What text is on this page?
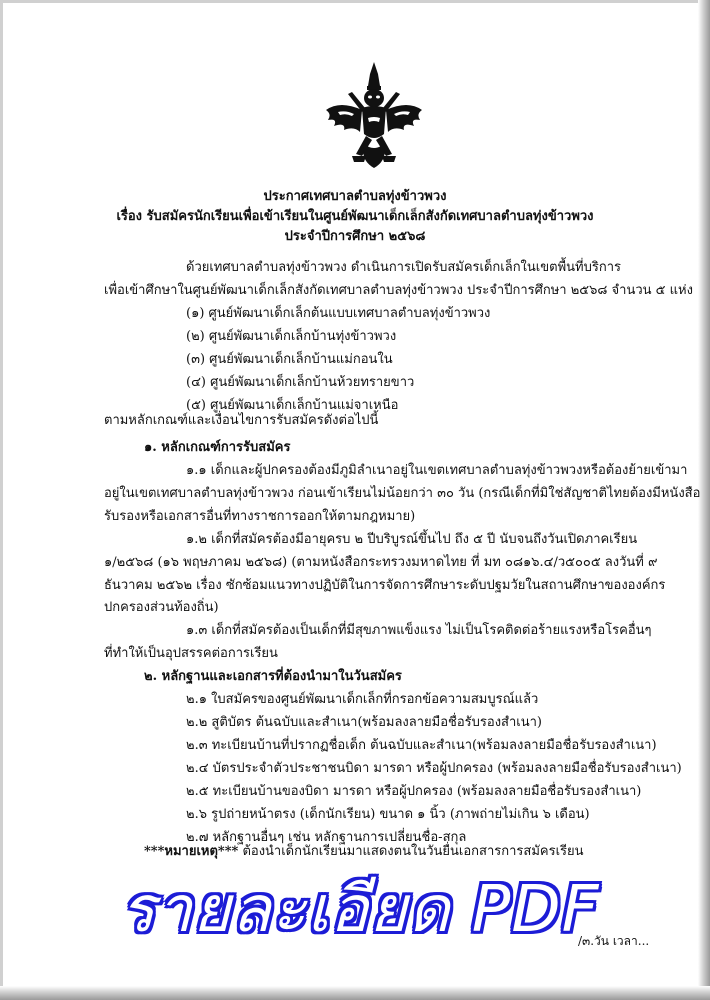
ประกาศเทศบาลตำบลทุ่งข้าวพวง
เรื่อง รับสมัครนักเรียนเพื่อเข้าเรียนในศูนย์พัฒนาเด็กเล็กสังกัดเทศบาลตำบลทุ่งข้าวพวง
ประจำปีการศึกษา ๒๕๖๘
ด้วยเทศบาลตำบลทุ่งข้าวพวง ดำเนินการเปิดรับสมัครเด็กเล็กในเขตพื้นที่บริการ
เพื่อเข้าศึกษาในศูนย์พัฒนาเด็กเล็กสังกัดเทศบาลตำบลทุ่งข้าวพวง ประจำปีการศึกษา ๒๕๖๘ จำนวน ๕ แห่ง
(๑) ศูนย์พัฒนาเด็กเล็กต้นแบบเทศบาลตำบลทุ่งข้าวพวง
(๒) ศูนย์พัฒนาเด็กเล็กบ้านทุ่งข้าวพวง
(๓) ศูนย์พัฒนาเด็กเล็กบ้านแม่กอนใน
(๔) ศูนย์พัฒนาเด็กเล็กบ้านห้วยทรายขาว
(๕) ศูนย์พัฒนาเด็กเล็กบ้านแม่จาเหนือ
ตามหลักเกณฑ์และเงื่อนไขการรับสมัครดังต่อไปนี้
๑. หลักเกณฑ์การรับสมัคร
๑.๑ เด็กและผู้ปกครองต้องมีภูมิลำเนาอยู่ในเขตเทศบาลตำบลทุ่งข้าวพวงหรือต้องย้ายเข้ามา
อยู่ในเขตเทศบาลตำบลทุ่งข้าวพวง ก่อนเข้าเรียนไม่น้อยกว่า ๓๐ วัน (กรณีเด็กที่มิใช่สัญชาติไทยต้องมีหนังสือ
รับรองหรือเอกสารอื่นที่ทางราชการออกให้ตามกฎหมาย)
๑.๒ เด็กที่สมัครต้องมีอายุครบ ๒ ปีบริบูรณ์ขึ้นไป ถึง ๕ ปี นับจนถึงวันเปิดภาคเรียน
๑/๒๕๖๘ (๑๖ พฤษภาคม ๒๕๖๘) (ตามหนังสือกระทรวงมหาดไทย ที่ มท ๐๘๑๖.๔/ว๕๐๐๕ ลงวันที่ ๙
ธันวาคม ๒๕๖๒ เรื่อง ซักซ้อมแนวทางปฏิบัติในการจัดการศึกษาระดับปฐมวัยในสถานศึกษาขององค์กร
ปกครองส่วนท้องถิ่น)
๑.๓ เด็กที่สมัครต้องเป็นเด็กที่มีสุขภาพแข็งแรง ไม่เป็นโรคติดต่อร้ายแรงหรือโรคอื่นๆ
ที่ทำให้เป็นอุปสรรคต่อการเรียน
๒. หลักฐานและเอกสารที่ต้องนำมาในวันสมัคร
๒.๑ ใบสมัครของศูนย์พัฒนาเด็กเล็กที่กรอกข้อความสมบูรณ์แล้ว
๒.๒ สูติบัตร ต้นฉบับและสำเนา(พร้อมลงลายมือชื่อรับรองสำเนา)
๒.๓ ทะเบียนบ้านที่ปรากฏชื่อเด็ก ต้นฉบับและสำเนา(พร้อมลงลายมือชื่อรับรองสำเนา)
๒.๔ บัตรประจำตัวประชาชนบิดา มารดา หรือผู้ปกครอง (พร้อมลงลายมือชื่อรับรองสำเนา)
๒.๕ ทะเบียนบ้านของบิดา มารดา หรือผู้ปกครอง (พร้อมลงลายมือชื่อรับรองสำเนา)
๒.๖ รูปถ่ายหน้าตรง (เด็กนักเรียน) ขนาด ๑ นิ้ว (ภาพถ่ายไม่เกิน ๖ เดือน)
๒.๗ หลักฐานอื่นๆ เช่น หลักฐานการเปลี่ยนชื่อ-สกุล
***หมายเหตุ*** ต้องนำเด็กนักเรียนมาแสดงตนในวันยื่นเอกสารการสมัครเรียน
รายละเอียด PDF
/๓.วัน เวลา...
